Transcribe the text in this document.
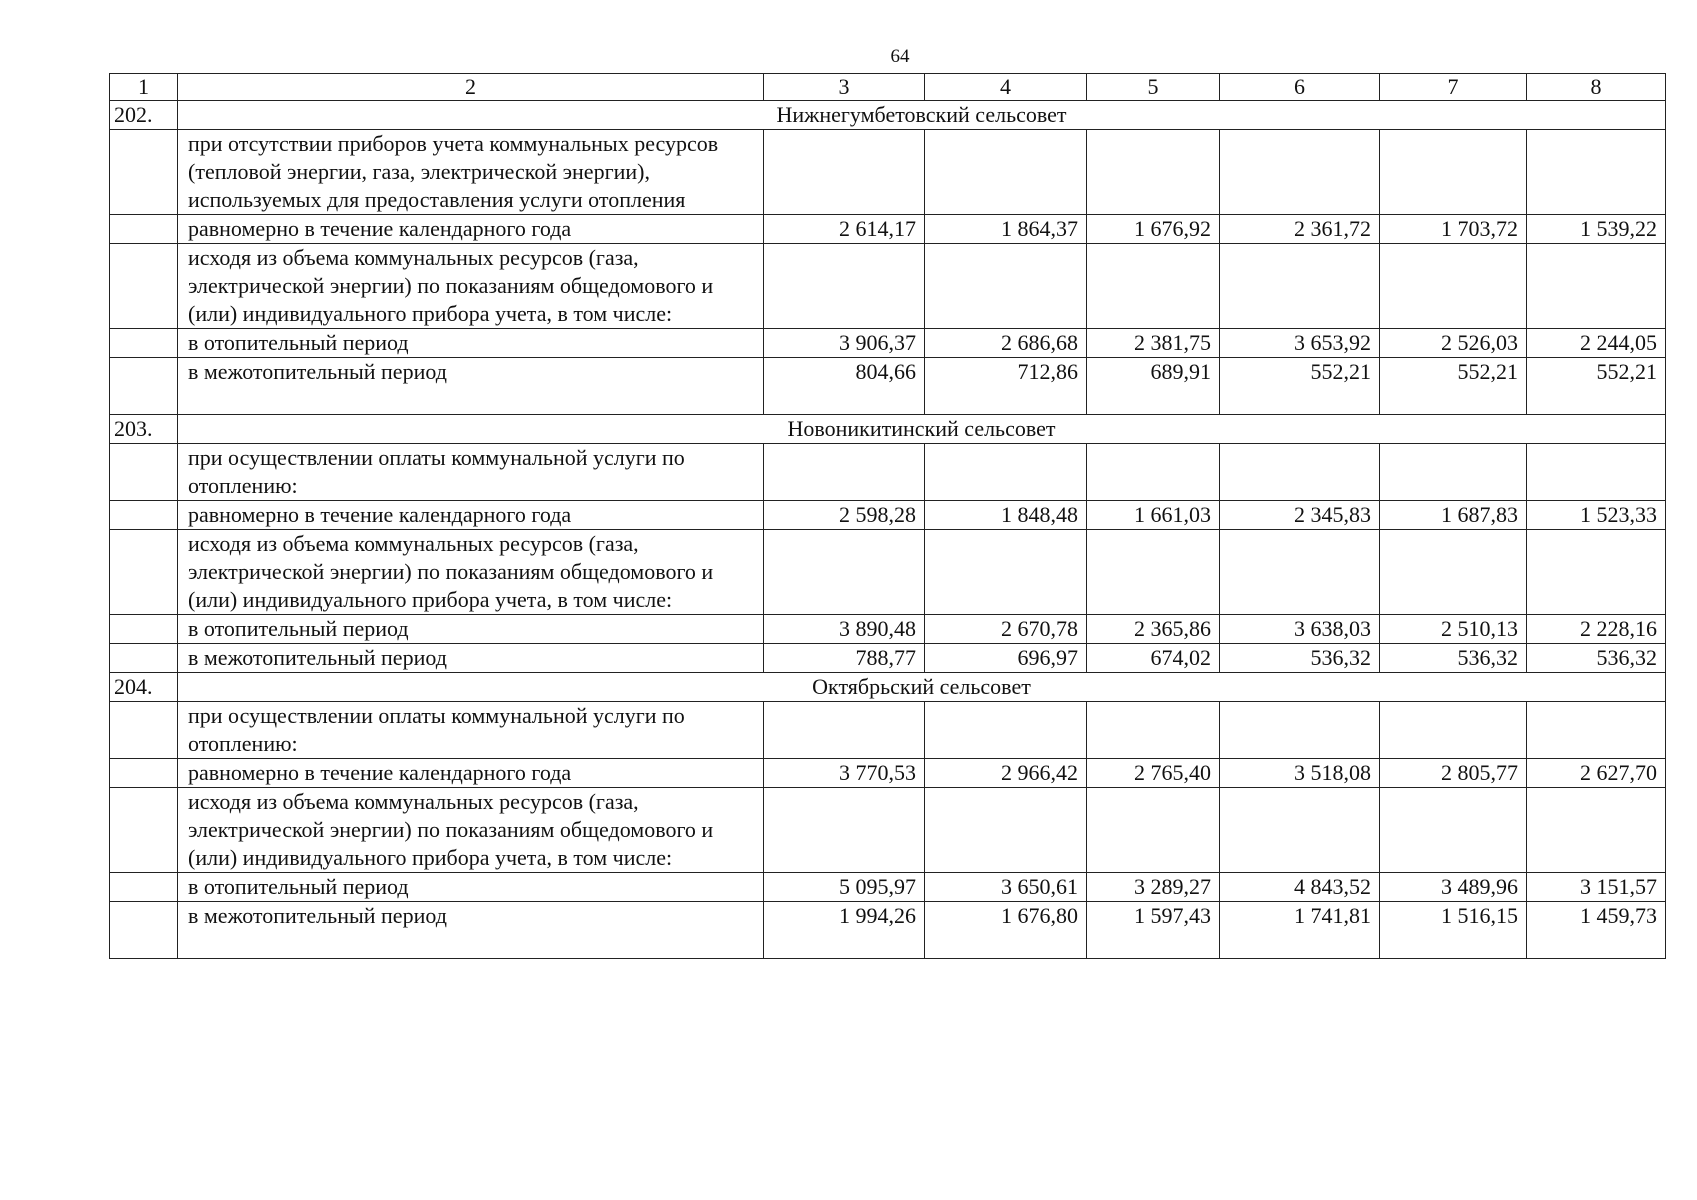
64
1	2	3	4	5	6	7	8
202.	Нижнегумбетовский сельсовет						
	при отсутствии приборов учета коммунальных ресурсов (тепловой энергии, газа, электрической энергии), используемых для предоставления услуги отопления						
	равномерно в течение календарного года	2 614,17	1 864,37	1 676,92	2 361,72	1 703,72	1 539,22
	исходя из объема коммунальных ресурсов (газа, электрической энергии) по показаниям общедомового и (или) индивидуального прибора учета, в том числе:						
	в отопительный период	3 906,37	2 686,68	2 381,75	3 653,92	2 526,03	2 244,05
	в межотопительный период	804,66	712,86	689,91	552,21	552,21	552,21
203.	Новоникитинский сельсовет						
	при осуществлении оплаты коммунальной услуги по отоплению:						
	равномерно в течение календарного года	2 598,28	1 848,48	1 661,03	2 345,83	1 687,83	1 523,33
	исходя из объема коммунальных ресурсов (газа, электрической энергии) по показаниям общедомового и (или) индивидуального прибора учета, в том числе:						
	в отопительный период	3 890,48	2 670,78	2 365,86	3 638,03	2 510,13	2 228,16
	в межотопительный период	788,77	696,97	674,02	536,32	536,32	536,32
204.	Октябрьский сельсовет						
	при осуществлении оплаты коммунальной услуги по отоплению:						
	равномерно в течение календарного года	3 770,53	2 966,42	2 765,40	3 518,08	2 805,77	2 627,70
	исходя из объема коммунальных ресурсов (газа, электрической энергии) по показаниям общедомового и (или) индивидуального прибора учета, в том числе:						
	в отопительный период	5 095,97	3 650,61	3 289,27	4 843,52	3 489,96	3 151,57
	в межотопительный период	1 994,26	1 676,80	1 597,43	1 741,81	1 516,15	1 459,73
